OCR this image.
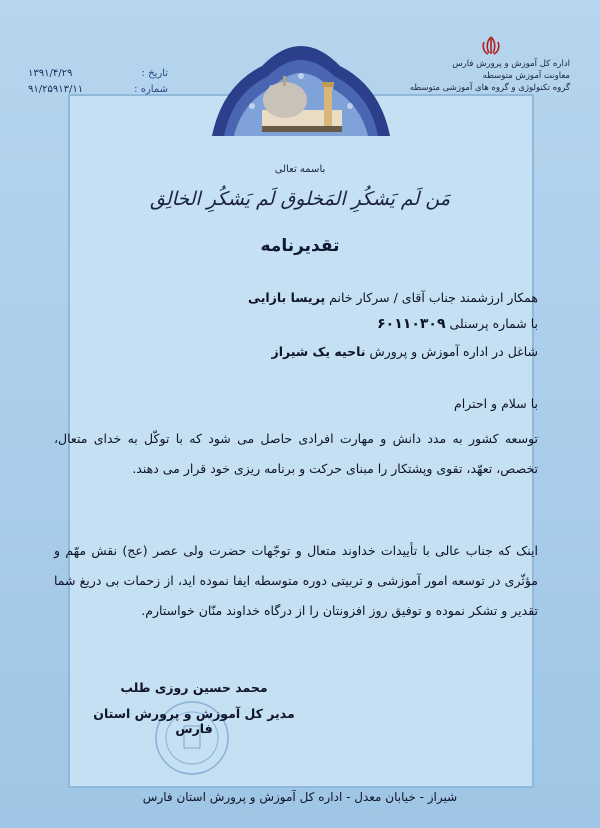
اداره کل آموزش و پرورش فارس
معاونت آموزش متوسطه
گروه تکنولوژی و گروه های آموزشی متوسطه
تاریخ :
۱۳۹۱/۴/۲۹
شماره :
۹۱/۲۵۹۱۳/۱۱
باسمه تعالی
مَن لَم یَشکُرِ المَخلوق لَم یَشکُرِ الخالِق
تقدیرنامه
همکار ارزشمند جناب آقای / سرکار خانم پریسا بازایی
با شماره پرسنلی ۶۰۱۱۰۳۰۹
شاغل در اداره آموزش و پرورش ناحیه یک شیراز
با سلام و احترام
توسعه کشور به مدد دانش و مهارت افرادی حاصل می شود که با توکّل به خدای متعال، تخصص، تعهّد، تقوی وپشتکار را مبنای حرکت و برنامه ریزی خود قرار می دهند.
اینک که جناب عالی با تأییدات خداوند متعال و توجّهات حضرت ولی عصر (عج) نقش مهّم و مؤثّری در توسعه امور آموزشی و تربیتی دوره متوسطه ایفا نموده اید، از زحمات بی دریغ شما تقدیر و تشکر نموده و توفیق روز افزونتان را از درگاه خداوند منّان خواستارم.
محمد حسین روزی طلب
مدیر کل آموزش و پرورش استان فارس
شیراز - خیابان معدل - اداره کل آموزش و پرورش استان فارس
